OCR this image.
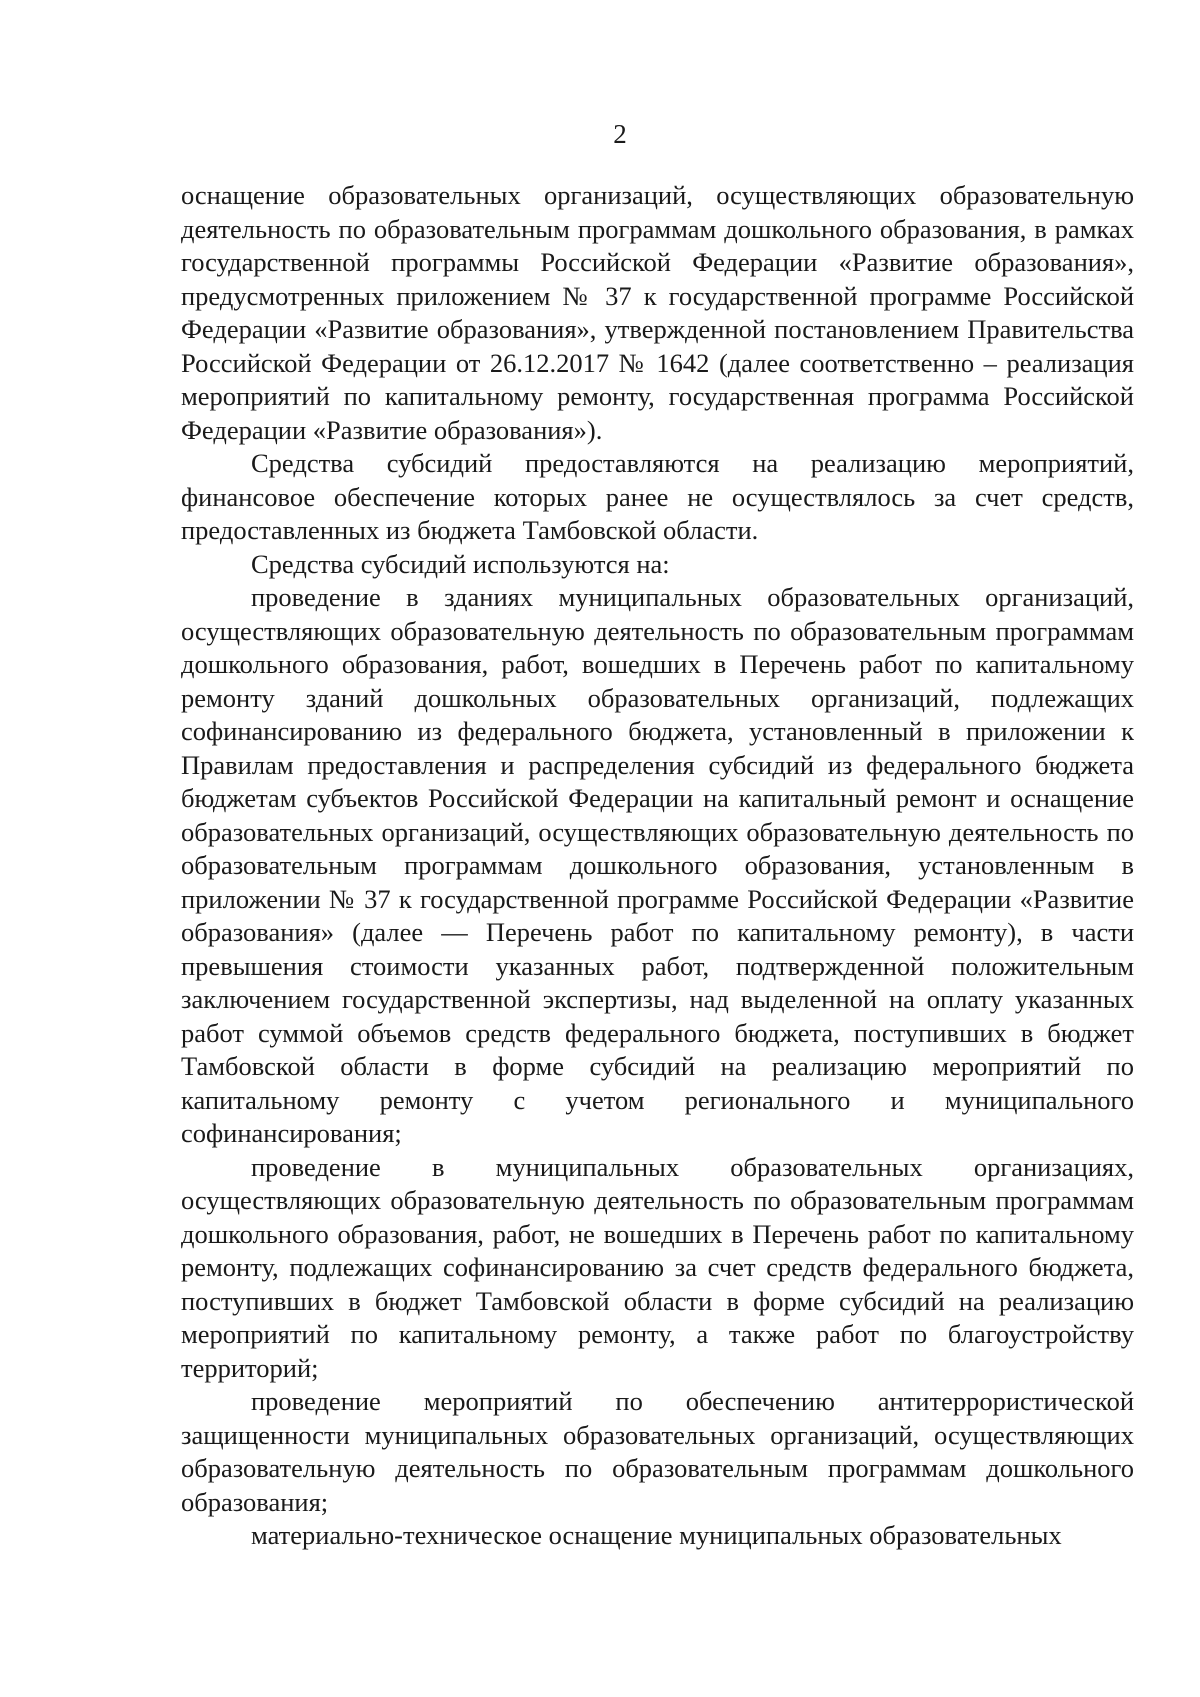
2

оснащение образовательных организаций, осуществляющих образовательную деятельность по образовательным программам дошкольного образования, в рамках государственной программы Российской Федерации «Развитие образования», предусмотренных приложением № 37 к государственной программе Российской Федерации «Развитие образования», утвержденной постановлением Правительства Российской Федерации от 26.12.2017 № 1642 (далее соответственно – реализация мероприятий по капитальному ремонту, государственная программа Российской Федерации «Развитие образования»).

Средства субсидий предоставляются на реализацию мероприятий, финансовое обеспечение которых ранее не осуществлялось за счет средств, предоставленных из бюджета Тамбовской области.

Средства субсидий используются на:

проведение в зданиях муниципальных образовательных организаций, осуществляющих образовательную деятельность по образовательным программам дошкольного образования, работ, вошедших в Перечень работ по капитальному ремонту зданий дошкольных образовательных организаций, подлежащих софинансированию из федерального бюджета, установленный в приложении к Правилам предоставления и распределения субсидий из федерального бюджета бюджетам субъектов Российской Федерации на капитальный ремонт и оснащение образовательных организаций, осуществляющих образовательную деятельность по образовательным программам дошкольного образования, установленным в приложении № 37 к государственной программе Российской Федерации «Развитие образования» (далее — Перечень работ по капитальному ремонту), в части превышения стоимости указанных работ, подтвержденной положительным заключением государственной экспертизы, над выделенной на оплату указанных работ суммой объемов средств федерального бюджета, поступивших в бюджет Тамбовской области в форме субсидий на реализацию мероприятий по капитальному ремонту с учетом регионального и муниципального софинансирования;

проведение в муниципальных образовательных организациях, осуществляющих образовательную деятельность по образовательным программам дошкольного образования, работ, не вошедших в Перечень работ по капитальному ремонту, подлежащих софинансированию за счет средств федерального бюджета, поступивших в бюджет Тамбовской области в форме субсидий на реализацию мероприятий по капитальному ремонту, а также работ по благоустройству территорий;

проведение мероприятий по обеспечению антитеррористической защищенности муниципальных образовательных организаций, осуществляющих образовательную деятельность по образовательным программам дошкольного образования;

материально-техническое оснащение муниципальных образовательных
